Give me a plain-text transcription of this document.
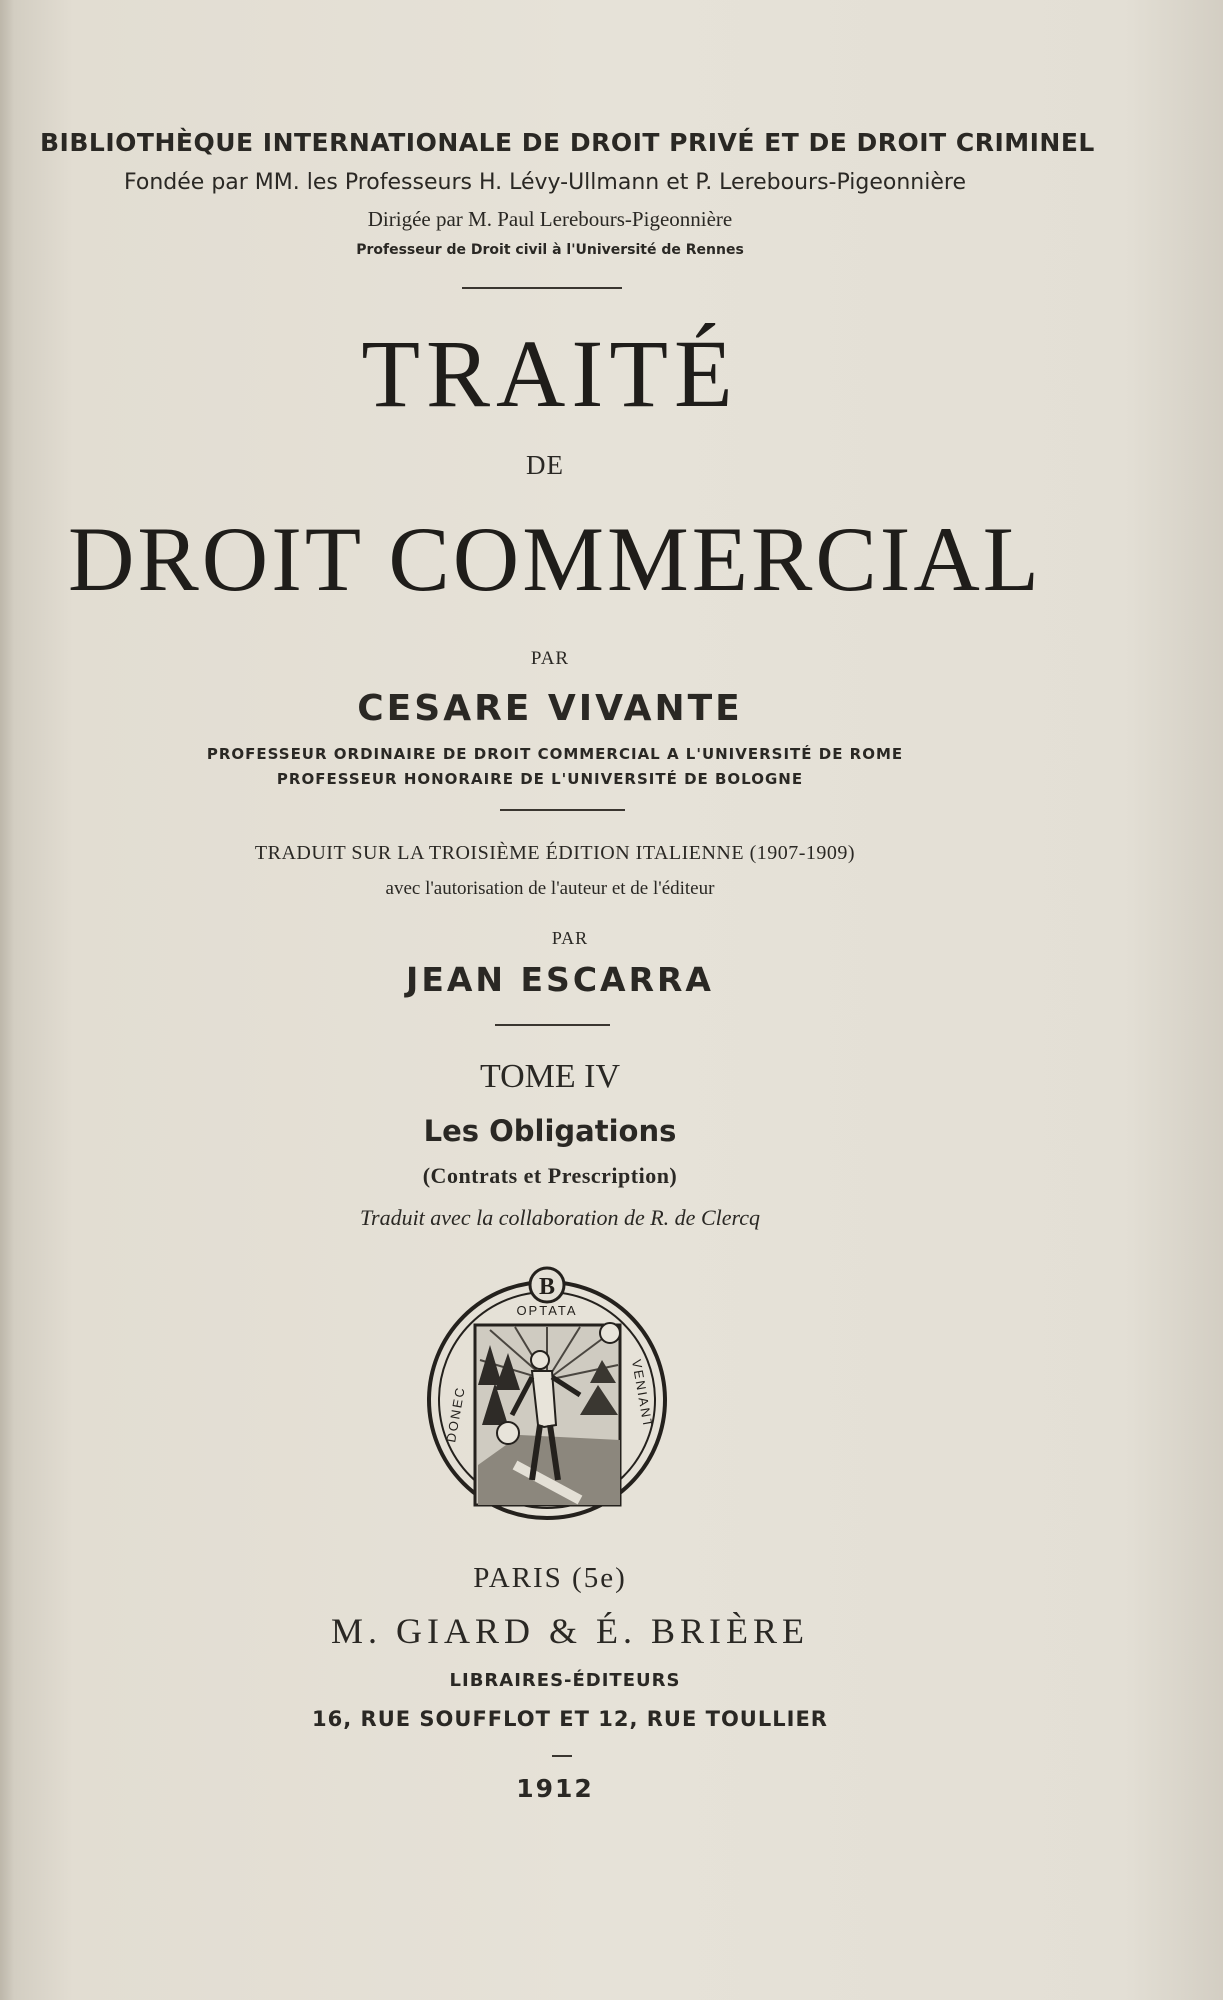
BIBLIOTHÈQUE INTERNATIONALE DE DROIT PRIVÉ ET DE DROIT CRIMINEL
Fondée par MM. les Professeurs H. Lévy-Ullmann et P. Lerebours-Pigeonnière
Dirigée par M. Paul Lerebours-Pigeonnière
Professeur de Droit civil à l'Université de Rennes
TRAITÉ
DE
DROIT COMMERCIAL
PAR
CESARE VIVANTE
PROFESSEUR ORDINAIRE DE DROIT COMMERCIAL A L'UNIVERSITÉ DE ROME
PROFESSEUR HONORAIRE DE L'UNIVERSITÉ DE BOLOGNE
TRADUIT SUR LA TROISIÈME ÉDITION ITALIENNE (1907-1909)
avec l'autorisation de l'auteur et de l'éditeur
PAR
JEAN ESCARRA
TOME IV
Les Obligations
(Contrats et Prescription)
Traduit avec la collaboration de R. de Clercq
B
OPTATA
DONEC	VENIANT
PARIS (5e)
M. GIARD & É. BRIÈRE
LIBRAIRES-ÉDITEURS
16, RUE SOUFFLOT ET 12, RUE TOULLIER
1912
